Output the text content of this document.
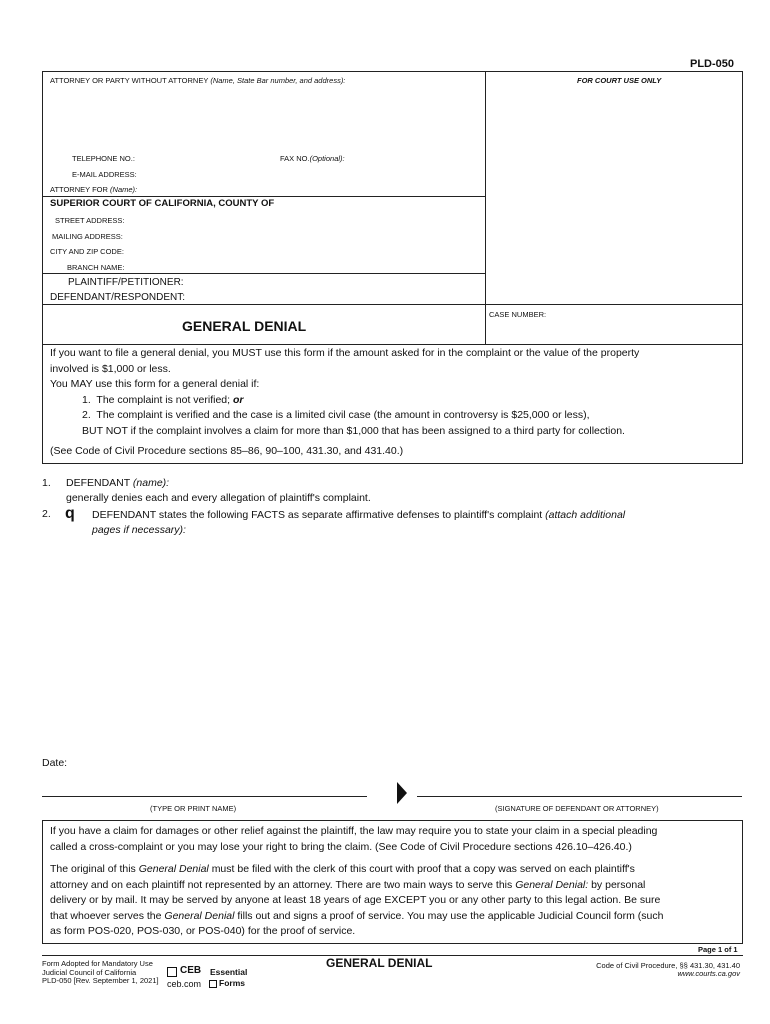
PLD-050
ATTORNEY OR PARTY WITHOUT ATTORNEY (Name, State Bar number, and address):	FOR COURT USE ONLY
TELEPHONE NO.:	FAX NO.(Optional):
E-MAIL ADDRESS:
ATTORNEY FOR (Name):
SUPERIOR COURT OF CALIFORNIA, COUNTY OF
STREET ADDRESS:
MAILING ADDRESS:
CITY AND ZIP CODE:
BRANCH NAME:
PLAINTIFF/PETITIONER:
DEFENDANT/RESPONDENT:
GENERAL DENIAL
CASE NUMBER:
If you want to file a general denial, you MUST use this form if the amount asked for in the complaint or the value of the property
involved is $1,000 or less.
You MAY use this form for a general denial if:
1. The complaint is not verified; or
2. The complaint is verified and the case is a limited civil case (the amount in controversy is $25,000 or less),
BUT NOT if the complaint involves a claim for more than $1,000 that has been assigned to a third party for collection.
(See Code of Civil Procedure sections 85–86, 90–100, 431.30, and 431.40.)
1. DEFENDANT (name):
generally denies each and every allegation of plaintiff's complaint.
2. q DEFENDANT states the following FACTS as separate affirmative defenses to plaintiff's complaint (attach additional
pages if necessary):
Date:
(TYPE OR PRINT NAME)	(SIGNATURE OF DEFENDANT OR ATTORNEY)
If you have a claim for damages or other relief against the plaintiff, the law may require you to state your claim in a special pleading
called a cross-complaint or you may lose your right to bring the claim. (See Code of Civil Procedure sections 426.10–426.40.)
The original of this General Denial must be filed with the clerk of this court with proof that a copy was served on each plaintiff's
attorney and on each plaintiff not represented by an attorney. There are two main ways to serve this General Denial: by personal
delivery or by mail. It may be served by anyone at least 18 years of age EXCEPT you or any other party to this legal action. Be sure
that whoever serves the General Denial fills out and signs a proof of service. You may use the applicable Judicial Council form (such
as form POS-020, POS-030, or POS-040) for the proof of service.
Page 1 of 1
Form Adopted for Mandatory Use
Judicial Council of California
PLD-050 [Rev. September 1, 2021]
CEB
ceb.com
Essential
Forms
GENERAL DENIAL	Code of Civil Procedure, §§ 431.30, 431.40
www.courts.ca.gov
